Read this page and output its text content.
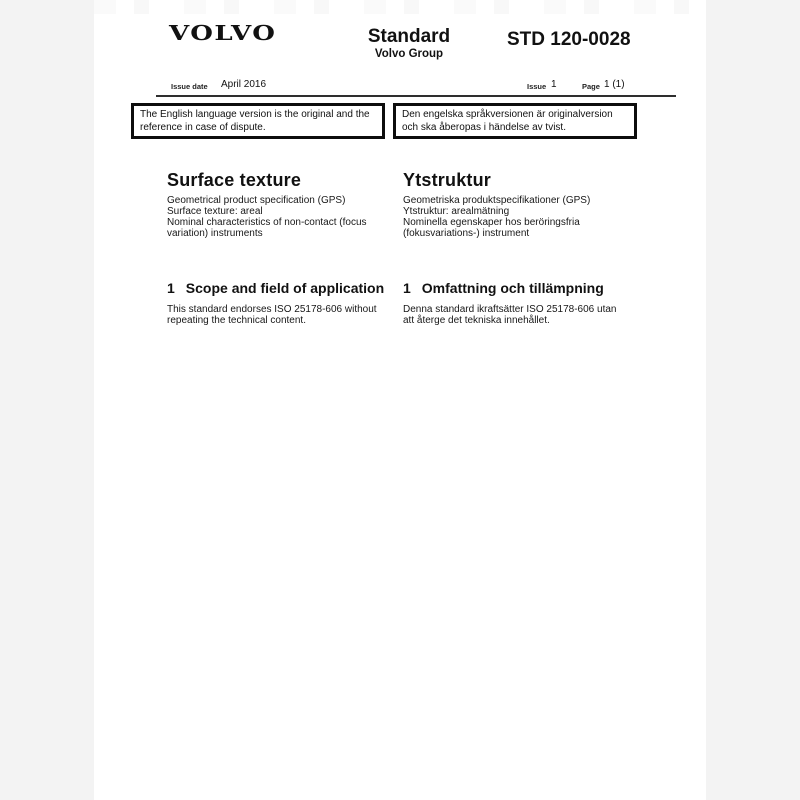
VOLVO	Standard
Volvo Group
STD 120-0028
Issue date April 2016	Issue 1	Page 1 (1)
The English language version is the original and the reference in case of dispute.
Den engelska språkversionen är originalversion och ska åberopas i händelse av tvist.
Surface texture
Geometrical product specification (GPS)
Surface texture: areal
Nominal characteristics of non-contact (focus variation) instruments
1 Scope and field of application
This standard endorses ISO 25178-606 without repeating the technical content.
Ytstruktur
Geometriska produktspecifikationer (GPS)
Ytstruktur: arealmätning
Nominella egenskaper hos beröringsfria (fokusvariations-) instrument
1 Omfattning och tillämpning
Denna standard ikraftsätter ISO 25178-606 utan att återge det tekniska innehållet.
